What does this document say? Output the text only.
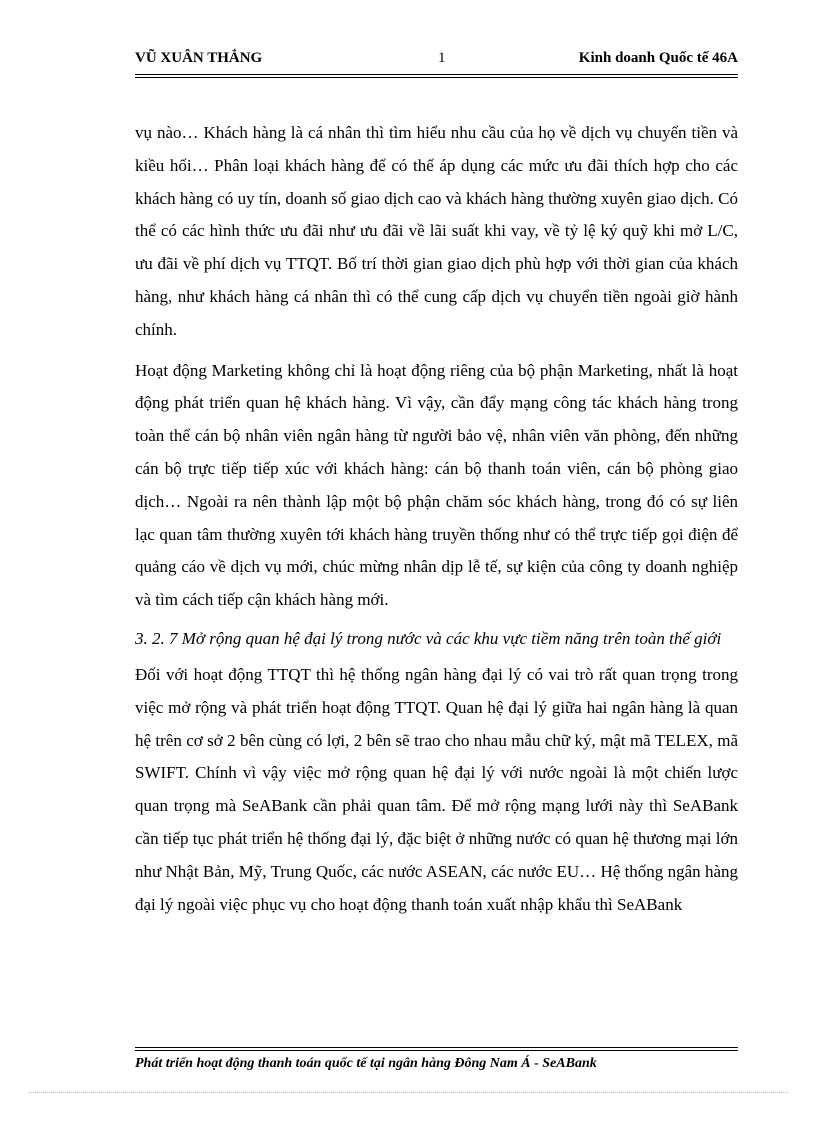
VŨ XUÂN THẮNG	1	Kinh doanh Quốc tế 46A

vụ nào… Khách hàng là cá nhân thì tìm hiểu nhu cầu của họ về dịch vụ chuyển tiền và kiều hối… Phân loại khách hàng để có thể áp dụng các mức ưu đãi thích hợp cho các khách hàng có uy tín, doanh số giao dịch cao và khách hàng thường xuyên giao dịch. Có thể có các hình thức ưu đãi như ưu đãi về lãi suất khi vay, về tỷ lệ ký quỹ khi mở L/C, ưu đãi về phí dịch vụ TTQT. Bố trí thời gian giao dịch phù hợp với thời gian của khách hàng, như khách hàng cá nhân thì có thể cung cấp dịch vụ chuyển tiền ngoài giờ hành chính.

Hoạt động Marketing không chỉ là hoạt động riêng của bộ phận Marketing, nhất là hoạt động phát triển quan hệ khách hàng. Vì vậy, cần đẩy mạng công tác khách hàng trong toàn thể cán bộ nhân viên ngân hàng từ người bảo vệ, nhân viên văn phòng, đến những cán bộ trực tiếp tiếp xúc với khách hàng: cán bộ thanh toán viên, cán bộ phòng giao dịch… Ngoài ra nên thành lập một bộ phận chăm sóc khách hàng, trong đó có sự liên lạc quan tâm thường xuyên tới khách hàng truyền thống như có thể trực tiếp gọi điện để quảng cáo về dịch vụ mới, chúc mừng nhân dịp lễ tế, sự kiện của công ty doanh nghiệp và tìm cách tiếp cận khách hàng mới.

3. 2. 7 Mở rộng quan hệ đại lý trong nước và các khu vực tiềm năng trên toàn thế giới

Đối với hoạt động TTQT thì hệ thống ngân hàng đại lý có vai trò rất quan trọng trong việc mở rộng và phát triển hoạt động TTQT. Quan hệ đại lý giữa hai ngân hàng là quan hệ trên cơ sở 2 bên cùng có lợi, 2 bên sẽ trao cho nhau mẫu chữ ký, mật mã TELEX, mã SWIFT. Chính vì vậy việc mở rộng quan hệ đại lý với nước ngoài là một chiến lược quan trọng mà SeABank cần phải quan tâm. Để mở rộng mạng lưới này thì SeABank cần tiếp tục phát triển hệ thống đại lý, đặc biệt ở những nước có quan hệ thương mại lớn như Nhật Bản, Mỹ, Trung Quốc, các nước ASEAN, các nước EU… Hệ thống ngân hàng đại lý ngoài việc phục vụ cho hoạt động thanh toán xuất nhập khẩu thì SeABank

Phát triển hoạt động thanh toán quốc tế tại ngân hàng Đông Nam Á - SeABank
